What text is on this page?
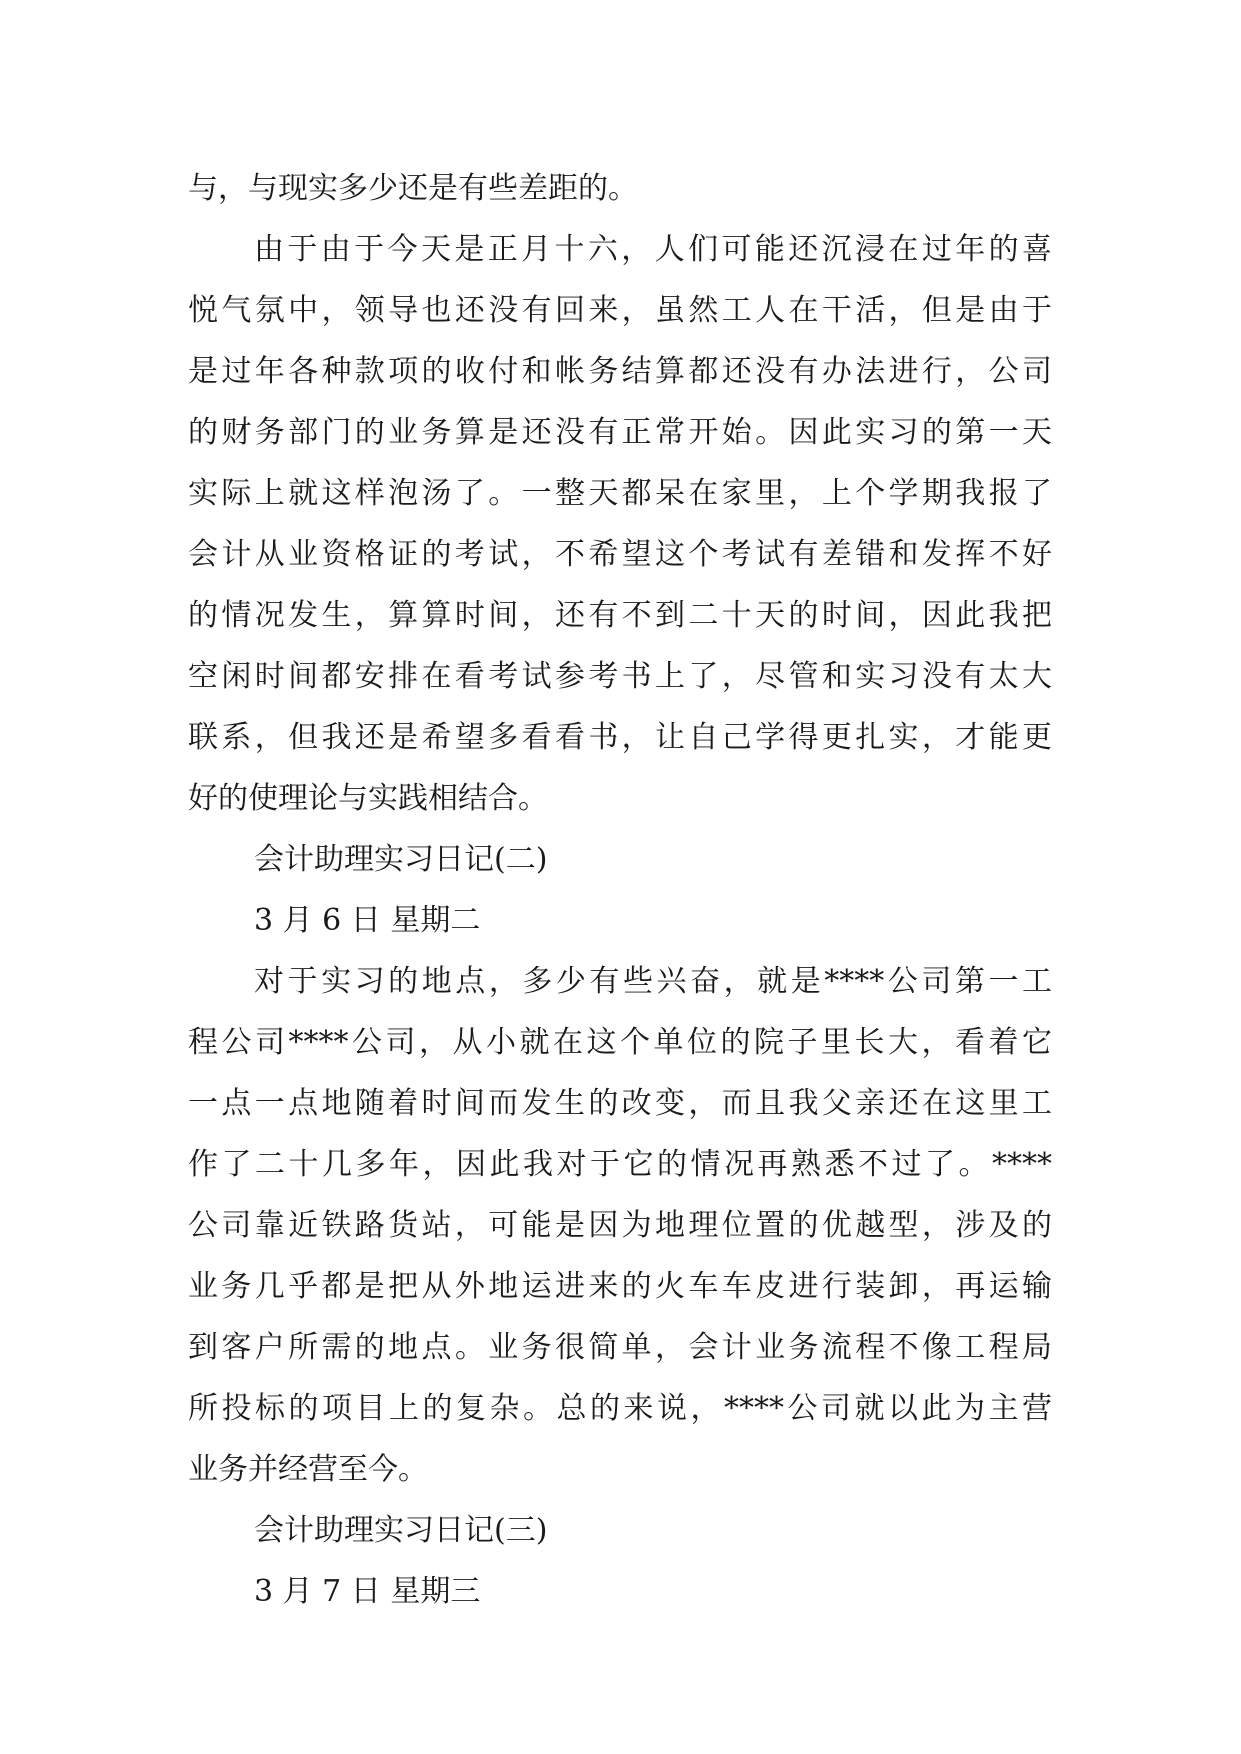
与，与现实多少还是有些差距的。
由于由于今天是正月十六，人们可能还沉浸在过年的喜
悦气氛中，领导也还没有回来，虽然工人在干活，但是由于
是过年各种款项的收付和帐务结算都还没有办法进行，公司
的财务部门的业务算是还没有正常开始。因此实习的第一天
实际上就这样泡汤了。一整天都呆在家里，上个学期我报了
会计从业资格证的考试，不希望这个考试有差错和发挥不好
的情况发生，算算时间，还有不到二十天的时间，因此我把
空闲时间都安排在看考试参考书上了，尽管和实习没有太大
联系，但我还是希望多看看书，让自己学得更扎实，才能更
好的使理论与实践相结合。
会计助理实习日记(二)
3 月 6 日 星期二
对于实习的地点，多少有些兴奋，就是****公司第一工
程公司****公司，从小就在这个单位的院子里长大，看着它
一点一点地随着时间而发生的改变，而且我父亲还在这里工
作了二十几多年，因此我对于它的情况再熟悉不过了。****
公司靠近铁路货站，可能是因为地理位置的优越型，涉及的
业务几乎都是把从外地运进来的火车车皮进行装卸，再运输
到客户所需的地点。业务很简单，会计业务流程不像工程局
所投标的项目上的复杂。总的来说，****公司就以此为主营
业务并经营至今。
会计助理实习日记(三)
3 月 7 日 星期三
